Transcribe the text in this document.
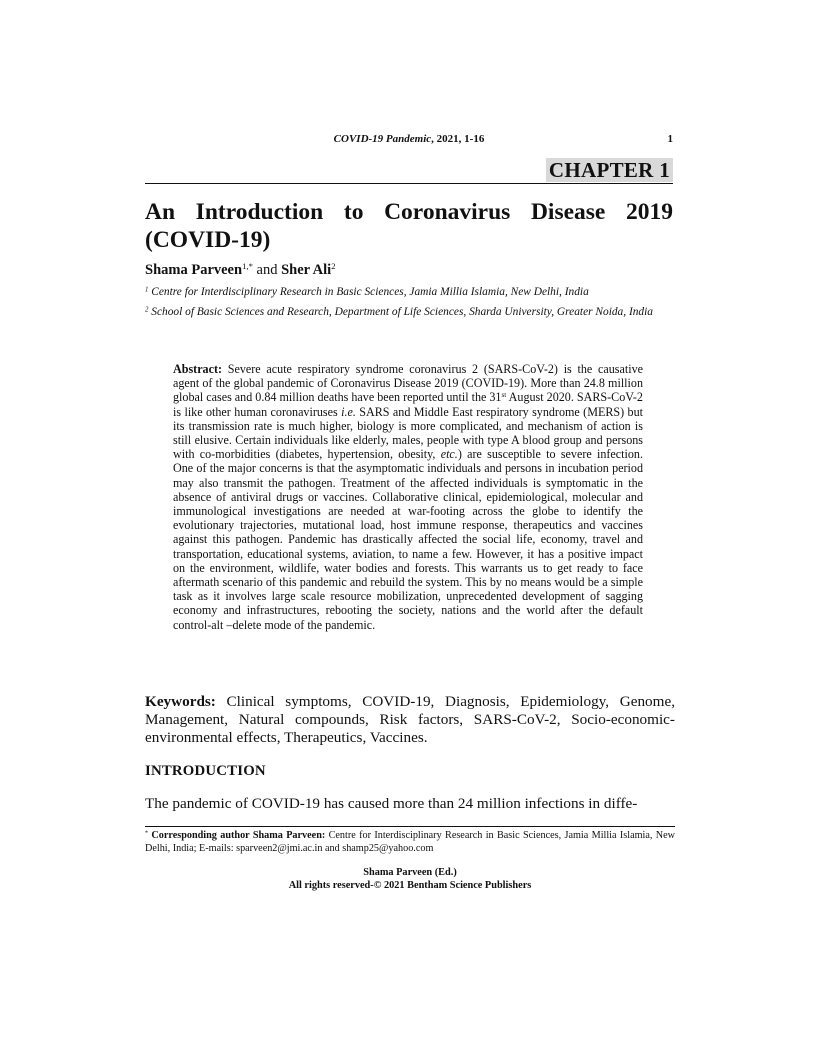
COVID-19 Pandemic, 2021, 1-16	1
CHAPTER 1
An Introduction to Coronavirus Disease 2019
(COVID-19)
Shama Parveen$^{1,*}$ and Sher Ali$^2$
$^1$ Centre for Interdisciplinary Research in Basic Sciences, Jamia Millia Islamia, New Delhi, India
$^2$ School of Basic Sciences and Research, Department of Life Sciences, Sharda University, Greater Noida, India
Abstract: Severe acute respiratory syndrome coronavirus 2 (SARS-CoV-2) is the causative agent of the global pandemic of Coronavirus Disease 2019 (COVID-19). More than 24.8 million global cases and 0.84 million deaths have been reported until the 31st August 2020. SARS-CoV-2 is like other human coronaviruses i.e. SARS and Middle East respiratory syndrome (MERS) but its transmission rate is much higher, biology is more complicated, and mechanism of action is still elusive. Certain individuals like elderly, males, people with type A blood group and persons with co-morbidities (diabetes, hypertension, obesity, etc.) are susceptible to severe infection. One of the major concerns is that the asymptomatic individuals and persons in incubation period may also transmit the pathogen. Treatment of the affected individuals is symptomatic in the absence of antiviral drugs or vaccines. Collaborative clinical, epidemiological, molecular and immunological investigations are needed at war-footing across the globe to identify the evolutionary trajectories, mutational load, host immune response, therapeutics and vaccines against this pathogen. Pandemic has drastically affected the social life, economy, travel and transportation, educational systems, aviation, to name a few. However, it has a positive impact on the environment, wildlife, water bodies and forests. This warrants us to get ready to face aftermath scenario of this pandemic and rebuild the system. This by no means would be a simple task as it involves large scale resource mobilization, unprecedented development of sagging economy and infrastructures, rebooting the society, nations and the world after the default control-alt –delete mode of the pandemic.
Keywords: Clinical symptoms, COVID-19, Diagnosis, Epidemiology, Genome, Management, Natural compounds, Risk factors, SARS-CoV-2, Socio-economic-environmental effects, Therapeutics, Vaccines.
INTRODUCTION
The pandemic of COVID-19 has caused more than 24 million infections in diffe-
* Corresponding author Shama Parveen: Centre for Interdisciplinary Research in Basic Sciences, Jamia Millia Islamia, New Delhi, India; E-mails: sparveen2@jmi.ac.in and shamp25@yahoo.com
Shama Parveen (Ed.)
All rights reserved-© 2021 Bentham Science Publishers
